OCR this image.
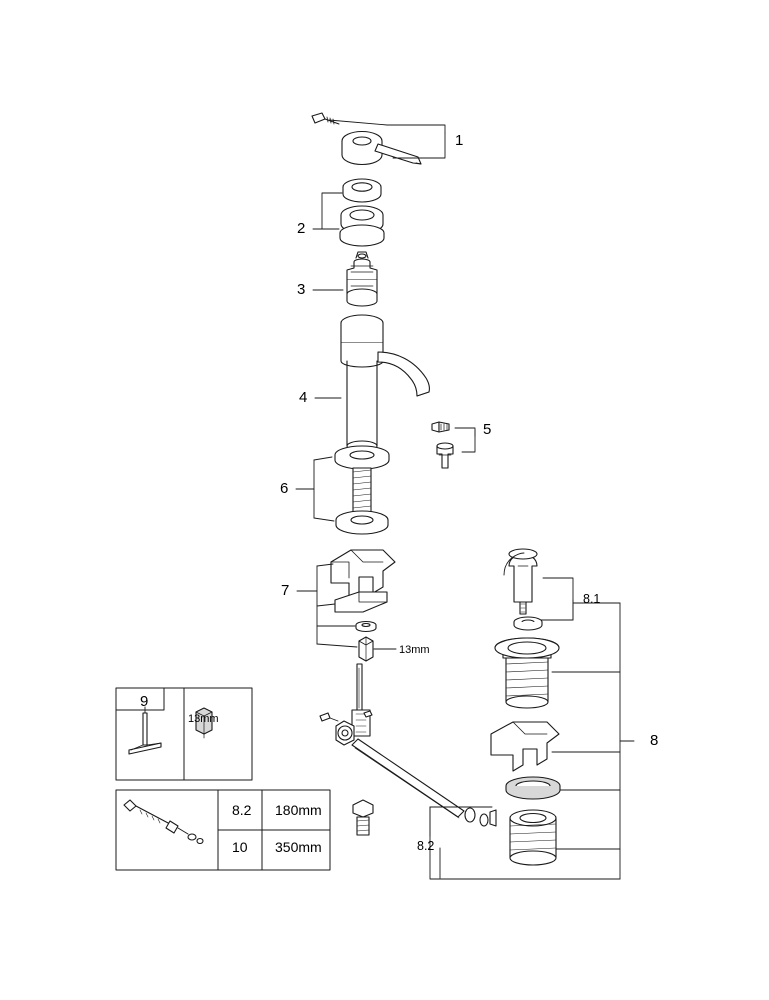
1
2
3
4
5
6
7
8
8.1
8.2
9
10
13mm
13mm
8.2 180mm
350mm
